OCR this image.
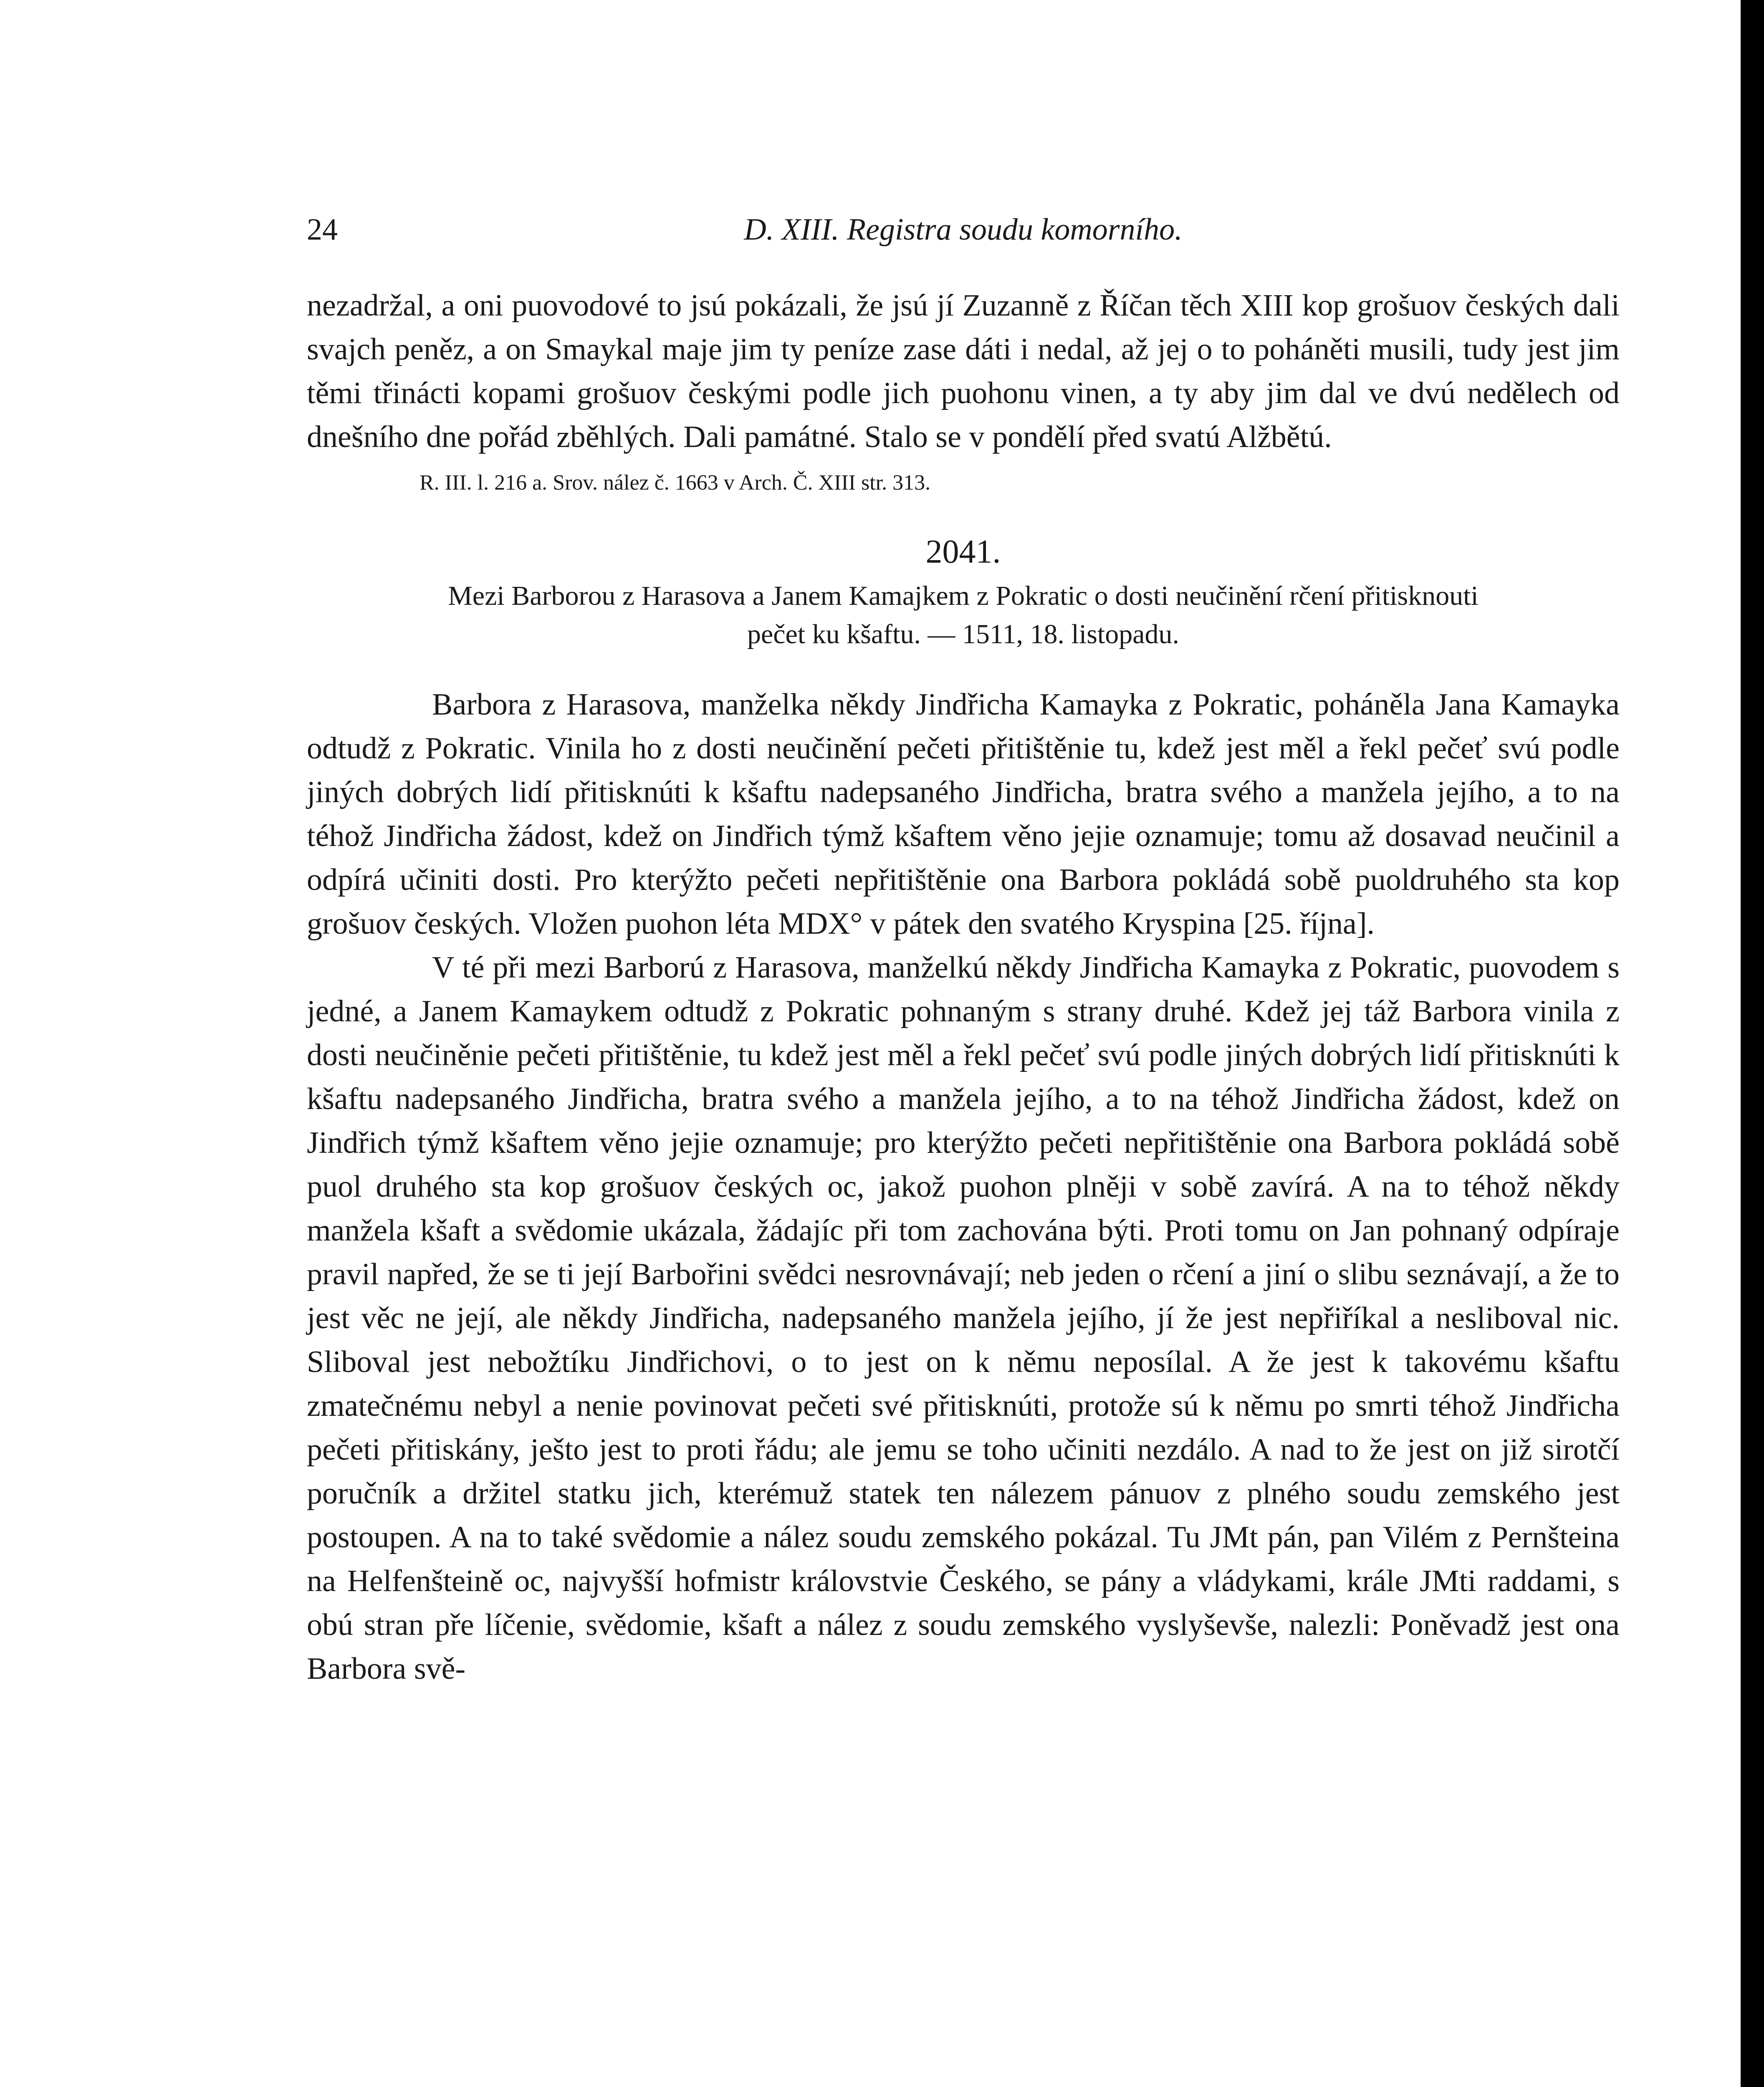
24	D. XIII. Registra soudu komorního.

nezadržal, a oni puovodové to jsú pokázali, že jsú jí Zuzanně z Říčan těch XIII kop grošuov českých dali svajch peněz, a on Smaykal maje jim ty peníze zase dáti i nedal, až jej o to poháněti musili, tudy jest jim těmi třinácti kopami grošuov českými podle jich puohonu vinen, a ty aby jim dal ve dvú nedělech od dnešního dne pořád zběhlých. Dali památné. Stalo se v pondělí před svatú Alžbětú.

R. III. l. 216 a. Srov. nález č. 1663 v Arch. Č. XIII str. 313.

2041.

Mezi Barborou z Harasova a Janem Kamajkem z Pokratic o dosti neučinění rčení přitisknouti
pečet ku kšaftu. — 1511, 18. listopadu.

Barbora z Harasova, manželka někdy Jindřicha Kamayka z Pokratic, poháněla Jana Kamayka odtudž z Pokratic. Vinila ho z dosti neučinění pečeti přitištěnie tu, kdež jest měl a řekl pečeť svú podle jiných dobrých lidí přitisknúti k kšaftu nadepsaného Jindřicha, bratra svého a manžela jejího, a to na téhož Jindřicha žádost, kdež on Jindřich týmž kšaftem věno jejie oznamuje; tomu až dosavad neučinil a odpírá učiniti dosti. Pro kterýžto pečeti nepřitištěnie ona Barbora pokládá sobě puoldruhého sta kop grošuov českých. Vložen puohon léta MDX° v pátek den svatého Kryspina [25. října].

V té při mezi Barború z Harasova, manželkú někdy Jindřicha Kamayka z Pokratic, puovodem s jedné, a Janem Kamaykem odtudž z Pokratic pohnaným s strany druhé. Kdež jej táž Barbora vinila z dosti neučiněnie pečeti přitištěnie, tu kdež jest měl a řekl pečeť svú podle jiných dobrých lidí přitisknúti k kšaftu nadepsaného Jindřicha, bratra svého a manžela jejího, a to na téhož Jindřicha žádost, kdež on Jindřich týmž kšaftem věno jejie oznamuje; pro kterýžto pečeti nepřitištěnie ona Barbora pokládá sobě puol druhého sta kop grošuov českých oc, jakož puohon plněji v sobě zavírá. A na to téhož někdy manžela kšaft a svědomie ukázala, žádajíc při tom zachována býti. Proti tomu on Jan pohnaný odpíraje pravil napřed, že se ti její Barbořini svědci nesrovnávají; neb jeden o rčení a jiní o slibu seznávají, a že to jest věc ne její, ale někdy Jindřicha, nadepsaného manžela jejího, jí že jest nepřiříkal a nesliboval nic. Sliboval jest nebožtíku Jindřichovi, o to jest on k němu neposílal. A že jest k takovému kšaftu zmatečnému nebyl a nenie povinovat pečeti své přitisknúti, protože sú k němu po smrti téhož Jindřicha pečeti přitiskány, ješto jest to proti řádu; ale jemu se toho učiniti nezdálo. A nad to že jest on již sirotčí poručník a držitel statku jich, kterémuž statek ten nálezem pánuov z plného soudu zemského jest postoupen. A na to také svědomie a nález soudu zemského pokázal. Tu JMt pán, pan Vilém z Pernšteina na Helfenšteině oc, najvyšší hofmistr královstvie Českého, se pány a vládykami, krále JMti raddami, s obú stran pře líčenie, svědomie, kšaft a nález z soudu zemského vyslyševše, nalezli: Poněvadž jest ona Barbora svě-
